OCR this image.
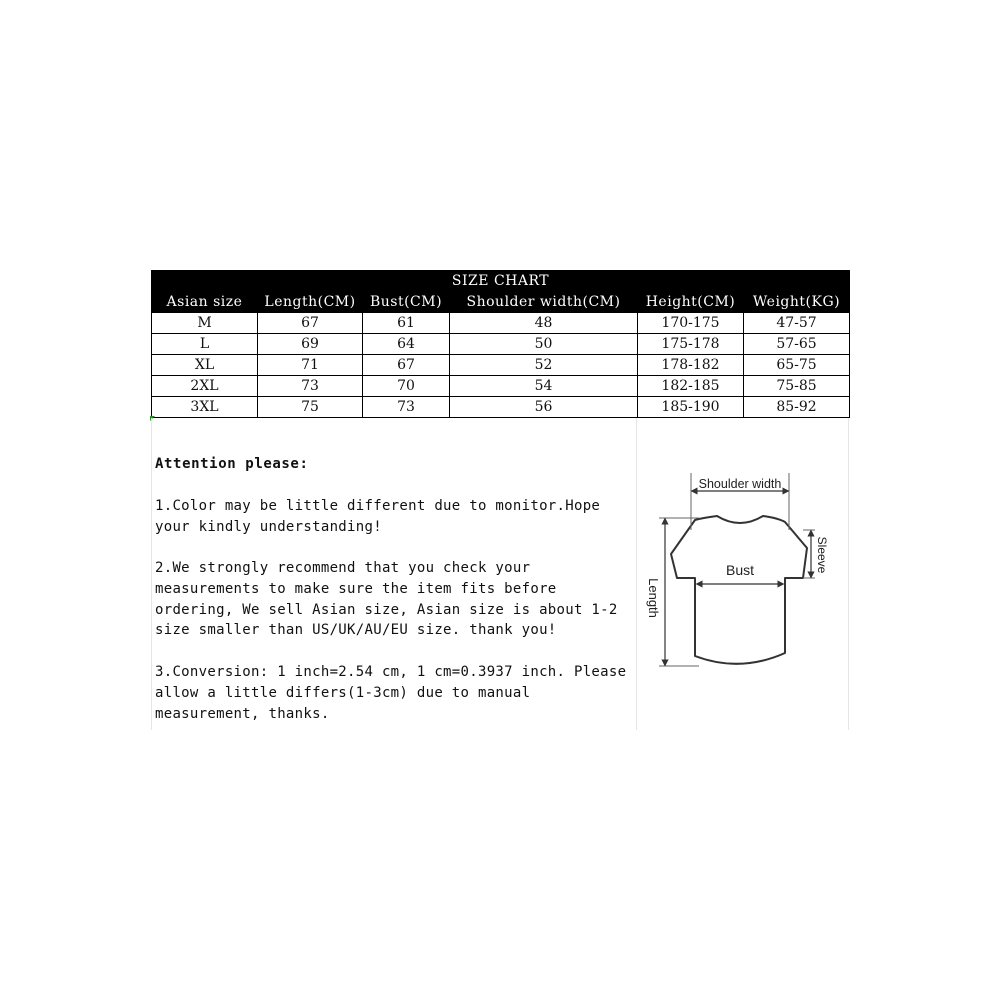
SIZE CHART					
Asian size	Length(CM)	Bust(CM)	Shoulder width(CM)	Height(CM)	Weight(KG)
M	67	61	48	170-175	47-57
L	69	64	50	175-178	57-65
XL	71	67	52	178-182	65-75
2XL	73	70	54	182-185	75-85
3XL	75	73	56	185-190	85-92
Attention please:
1.Color may be little different due to monitor.Hope your kindly understanding!
2.We strongly recommend that you check your measurements to make sure the item fits before ordering, We sell Asian size, Asian size is about 1-2 size smaller than US/UK/AU/EU size. thank you!
3.Conversion: 1 inch=2.54 cm, 1 cm=0.3937 inch. Please allow a little differs(1-3cm) due to manual measurement, thanks.
Shoulder width
Bust
Length
Sleeve
